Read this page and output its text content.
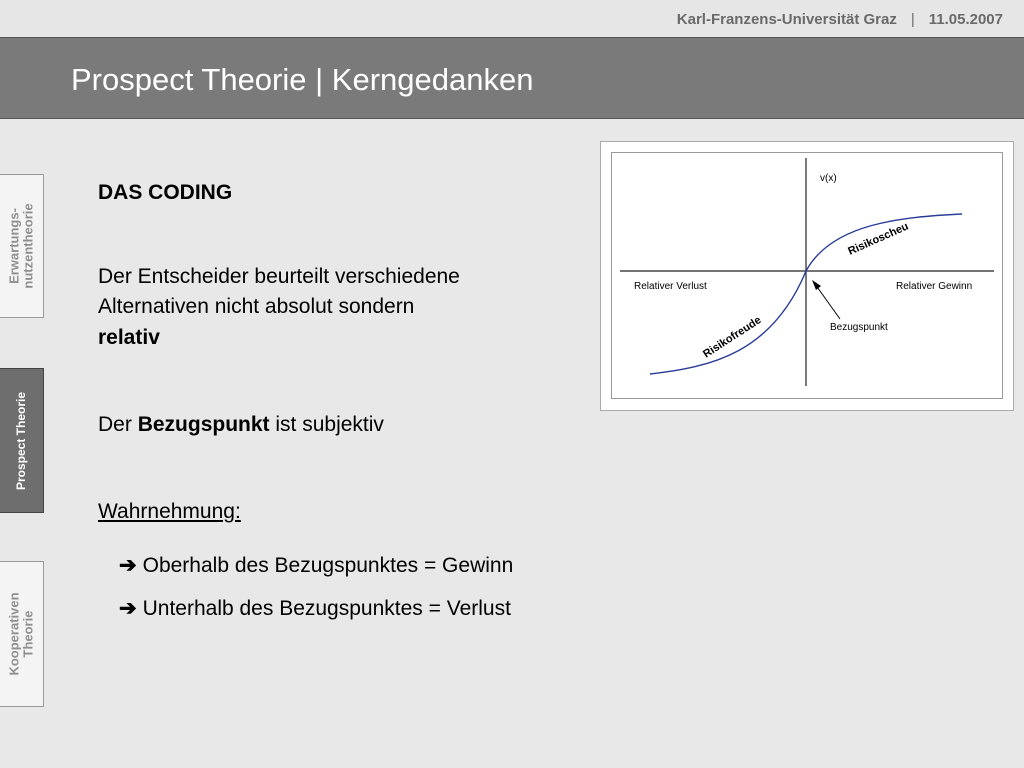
Karl-Franzens-Universität Graz | 11.05.2007
Prospect Theorie | Kerngedanken
Erwartungs-
nutzentheorie
Prospect Theorie
Kooperativen
Theorie

DAS CODING

Der Entscheider beurteilt verschiedene

Alternativen nicht absolut sondern

relativ

Der Bezugspunkt ist subjektiv

Wahrnehmung:

➔ Oberhalb des Bezugspunktes = Gewinn

➔ Unterhalb des Bezugspunktes = Verlust

v(x)
Relativer Verlust	Relativer Gewinn
Bezugspunkt
Risikoscheu
Risikofreude
